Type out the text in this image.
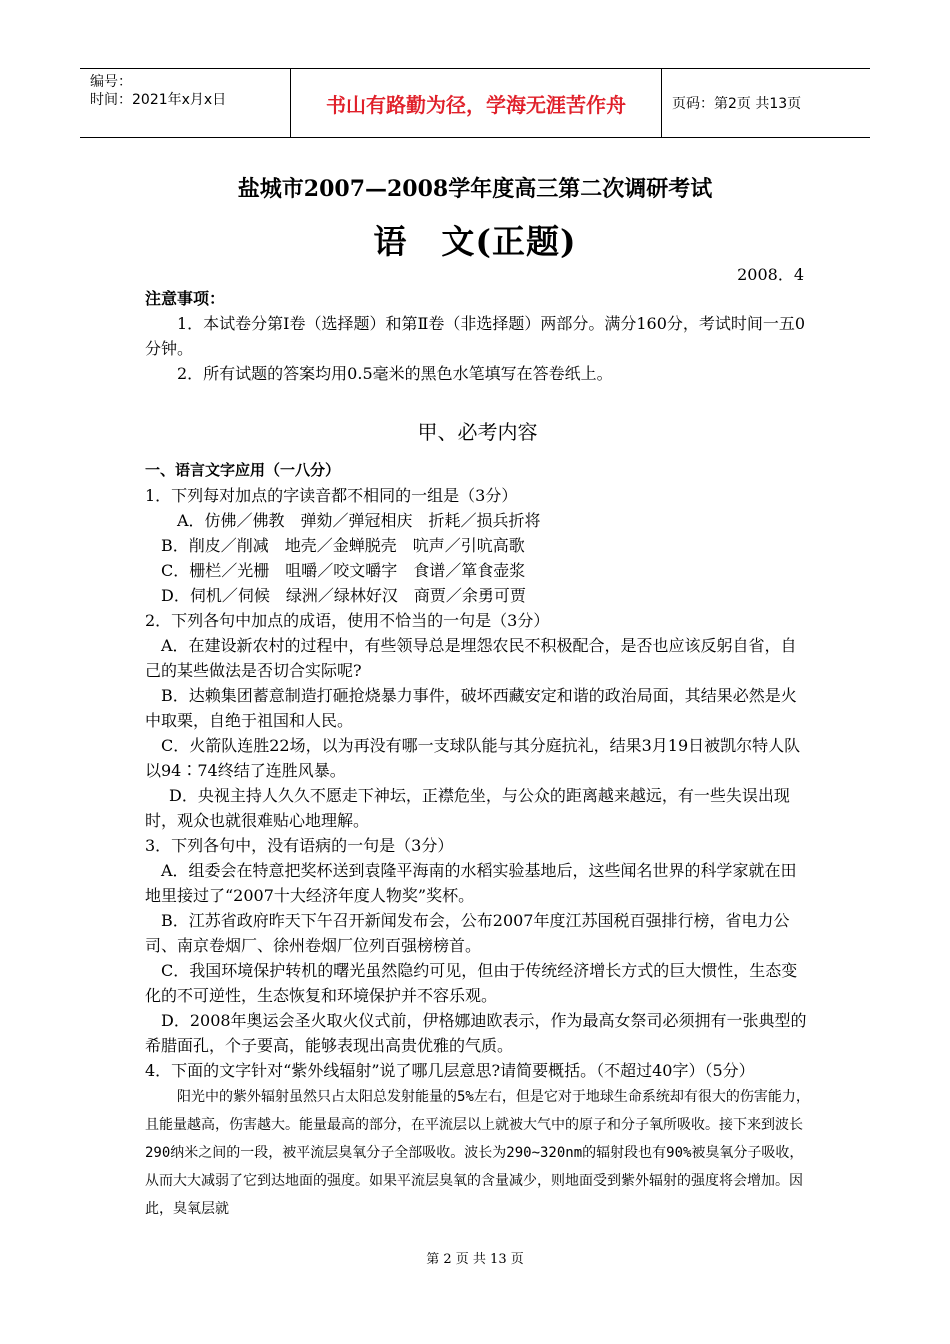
编号：
时间：2021年x月x日	书山有路勤为径，学海无涯苦作舟	页码：第2页 共13页
盐城市2007—2008学年度高三第二次调研考试
语　文(正题)
2008．4

注意事项：

1．本试卷分第Ⅰ卷（选择题）和第Ⅱ卷（非选择题）两部分。满分160分，考试时间一五0分钟。

2．所有试题的答案均用0.5毫米的黑色水笔填写在答卷纸上。

甲、必考内容

一、语言文字应用（一八分）

1．下列每对加点的字读音都不相同的一组是（3分）

A．仿佛／佛教　弹劾／弹冠相庆　折耗／损兵折将

B．削皮／削减　地壳／金蝉脱壳　吭声／引吭高歌

C．栅栏／光栅　咀嚼／咬文嚼字　食谱／箪食壶浆

D．伺机／伺候　绿洲／绿林好汉　商贾／余勇可贾

2．下列各句中加点的成语，使用不恰当的一句是（3分）

A．在建设新农村的过程中，有些领导总是埋怨农民不积极配合，是否也应该反躬自省，自己的某些做法是否切合实际呢?

B．达赖集团蓄意制造打砸抢烧暴力事件，破坏西藏安定和谐的政治局面，其结果必然是火中取栗，自绝于祖国和人民。

C．火箭队连胜22场，以为再没有哪一支球队能与其分庭抗礼，结果3月19日被凯尔特人队以94∶74终结了连胜风暴。

D．央视主持人久久不愿走下神坛，正襟危坐，与公众的距离越来越远，有一些失误出现时，观众也就很难贴心地理解。

3．下列各句中，没有语病的一句是（3分）

A．组委会在特意把奖杯送到袁隆平海南的水稻实验基地后，这些闻名世界的科学家就在田地里接过了“2007十大经济年度人物奖”奖杯。

B．江苏省政府昨天下午召开新闻发布会，公布2007年度江苏国税百强排行榜，省电力公司、南京卷烟厂、徐州卷烟厂位列百强榜榜首。

C．我国环境保护转机的曙光虽然隐约可见，但由于传统经济增长方式的巨大惯性，生态变化的不可逆性，生态恢复和环境保护并不容乐观。

D．2008年奥运会圣火取火仪式前，伊格娜迪欧表示，作为最高女祭司必须拥有一张典型的希腊面孔，个子要高，能够表现出高贵优雅的气质。

4．下面的文字针对“紫外线辐射”说了哪几层意思?请简要概括。（不超过40字）（5分）

阳光中的紫外辐射虽然只占太阳总发射能量的5%左右，但是它对于地球生命系统却有很大的伤害能力，且能量越高，伤害越大。能量最高的部分，在平流层以上就被大气中的原子和分子氧所吸收。接下来到波长290纳米之间的一段，被平流层臭氧分子全部吸收。波长为290~320nm的辐射段也有90%被臭氧分子吸收，从而大大减弱了它到达地面的强度。如果平流层臭氧的含量减少，则地面受到紫外辐射的强度将会增加。因此，臭氧层就

第 2 页 共 13 页
